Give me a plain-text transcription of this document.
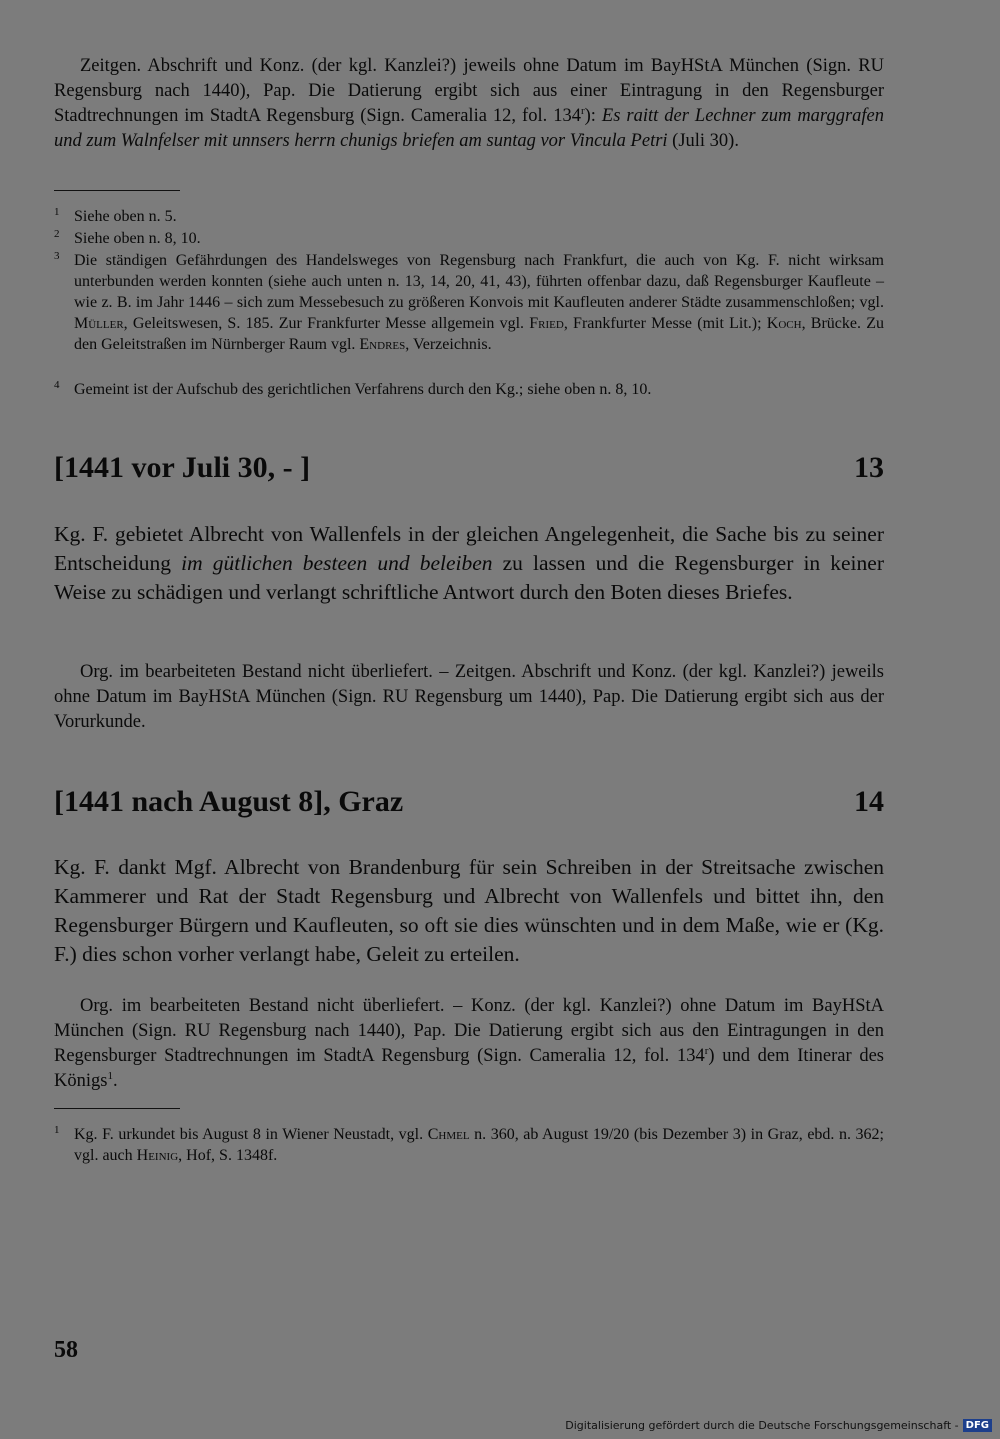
Zeitgen. Abschrift und Konz. (der kgl. Kanzlei?) jeweils ohne Datum im BayHStA München (Sign. RU Regensburg nach 1440), Pap. Die Datierung ergibt sich aus einer Eintragung in den Regensburger Stadtrechnungen im StadtA Regensburg (Sign. Cameralia 12, fol. 134$^r$): Es raitt der Lechner zum marggrafen und zum Walnfelser mit unnsers herrn chunigs briefen am suntag vor Vincula Petri (Juli 30).

1 Siehe oben n. 5.
2 Siehe oben n. 8, 10.
3 Die ständigen Gefährdungen des Handelsweges von Regensburg nach Frankfurt, die auch von Kg. F. nicht wirksam unterbunden werden konnten (siehe auch unten n. 13, 14, 20, 41, 43), führten offenbar dazu, daß Regensburger Kaufleute – wie z. B. im Jahr 1446 – sich zum Messebesuch zu größeren Konvois mit Kaufleuten anderer Städte zusammenschloßen; vgl. Müller, Geleitswesen, S. 185. Zur Frankfurter Messe allgemein vgl. Fried, Frankfurter Messe (mit Lit.); Koch, Brücke. Zu den Geleitstraßen im Nürnberger Raum vgl. Endres, Verzeichnis.
4 Gemeint ist der Aufschub des gerichtlichen Verfahrens durch den Kg.; siehe oben n. 8, 10.
[1441 vor Juli 30, - ]	13

Kg. F. gebietet Albrecht von Wallenfels in der gleichen Angelegenheit, die Sache bis zu seiner Entscheidung im gütlichen besteen und beleiben zu lassen und die Regensburger in keiner Weise zu schädigen und verlangt schriftliche Antwort durch den Boten dieses Briefes.

Org. im bearbeiteten Bestand nicht überliefert. – Zeitgen. Abschrift und Konz. (der kgl. Kanzlei?) jeweils ohne Datum im BayHStA München (Sign. RU Regensburg um 1440), Pap. Die Datierung ergibt sich aus der Vorurkunde.

[1441 nach August 8], Graz	14

Kg. F. dankt Mgf. Albrecht von Brandenburg für sein Schreiben in der Streitsache zwischen Kammerer und Rat der Stadt Regensburg und Albrecht von Wallenfels und bittet ihn, den Regensburger Bürgern und Kaufleuten, so oft sie dies wünschten und in dem Maße, wie er (Kg. F.) dies schon vorher verlangt habe, Geleit zu erteilen.

Org. im bearbeiteten Bestand nicht überliefert. – Konz. (der kgl. Kanzlei?) ohne Datum im BayHStA München (Sign. RU Regensburg nach 1440), Pap. Die Datierung ergibt sich aus den Eintragungen in den Regensburger Stadtrechnungen im StadtA Regensburg (Sign. Cameralia 12, fol. 134$^r$) und dem Itinerar des Königs$^1$.

1 Kg. F. urkundet bis August 8 in Wiener Neustadt, vgl. Chmel n. 360, ab August 19/20 (bis Dezember 3) in Graz, ebd. n. 362; vgl. auch Heinig, Hof, S. 1348f.
58
Digitalisierung gefördert durch die Deutsche Forschungsgemeinschaft - DFG
